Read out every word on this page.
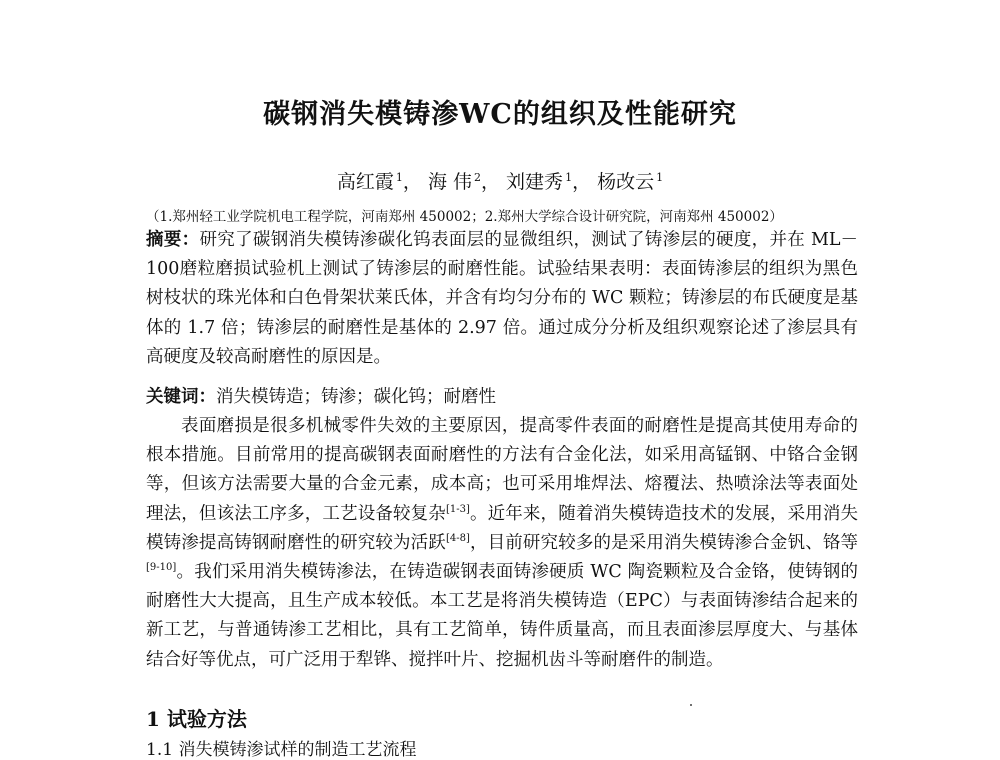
碳钢消失模铸渗WC的组织及性能研究
高红霞 $^1$， 海 伟 $^2$， 刘建秀 $^1$， 杨改云 $^1$
（1.郑州轻工业学院机电工程学院，河南郑州 450002；2.郑州大学综合设计研究院，河南郑州 450002）
摘要：研究了碳钢消失模铸渗碳化钨表面层的显微组织，测试了铸渗层的硬度，并在 ML－100磨粒磨损试验机上测试了铸渗层的耐磨性能。试验结果表明：表面铸渗层的组织为黑色树枝状的珠光体和白色骨架状莱氏体，并含有均匀分布的 WC 颗粒；铸渗层的布氏硬度是基体的 1.7 倍；铸渗层的耐磨性是基体的 2.97 倍。通过成分分析及组织观察论述了渗层具有高硬度及较高耐磨性的原因是。
关键词：消失模铸造；铸渗；碳化钨；耐磨性
表面磨损是很多机械零件失效的主要原因，提高零件表面的耐磨性是提高其使用寿命的根本措施。目前常用的提高碳钢表面耐磨性的方法有合金化法，如采用高锰钢、中铬合金钢等，但该方法需要大量的合金元素，成本高；也可采用堆焊法、熔覆法、热喷涂法等表面处理法，但该法工序多，工艺设备较复杂[1-3]。近年来，随着消失模铸造技术的发展，采用消失模铸渗提高铸钢耐磨性的研究较为活跃[4-8]，目前研究较多的是采用消失模铸渗合金钒、铬等[9-10]。我们采用消失模铸渗法，在铸造碳钢表面铸渗硬质 WC 陶瓷颗粒及合金铬，使铸钢的耐磨性大大提高，且生产成本较低。本工艺是将消失模铸造（EPC）与表面铸渗结合起来的新工艺，与普通铸渗工艺相比，具有工艺简单，铸件质量高，而且表面渗层厚度大、与基体结合好等优点，可广泛用于犁铧、搅拌叶片、挖掘机齿斗等耐磨件的制造。
1 试验方法
1.1 消失模铸渗试样的制造工艺流程
